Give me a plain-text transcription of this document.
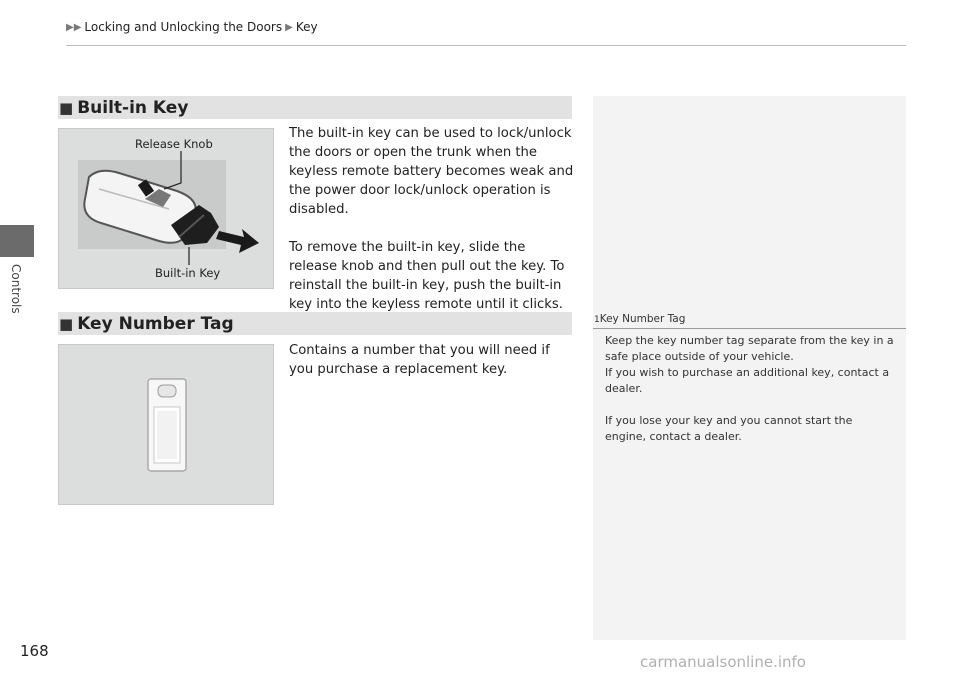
▶▶ Locking and Unlocking the Doors ▶ Key
Controls
■ Built-in Key
Release Knob
Built-in Key

The built-in key can be used to lock/unlock the doors or open the trunk when the keyless remote battery becomes weak and the power door lock/unlock operation is disabled.

To remove the built-in key, slide the release knob and then pull out the key. To reinstall the built-in key, push the built-in key into the keyless remote until it clicks.

■ Key Number Tag

Contains a number that you will need if you purchase a replacement key.

1Key Number Tag

Keep the key number tag separate from the key in a safe place outside of your vehicle.

If you wish to purchase an additional key, contact a dealer.

If you lose your key and you cannot start the engine, contact a dealer.

168
carmanualsonline.info
